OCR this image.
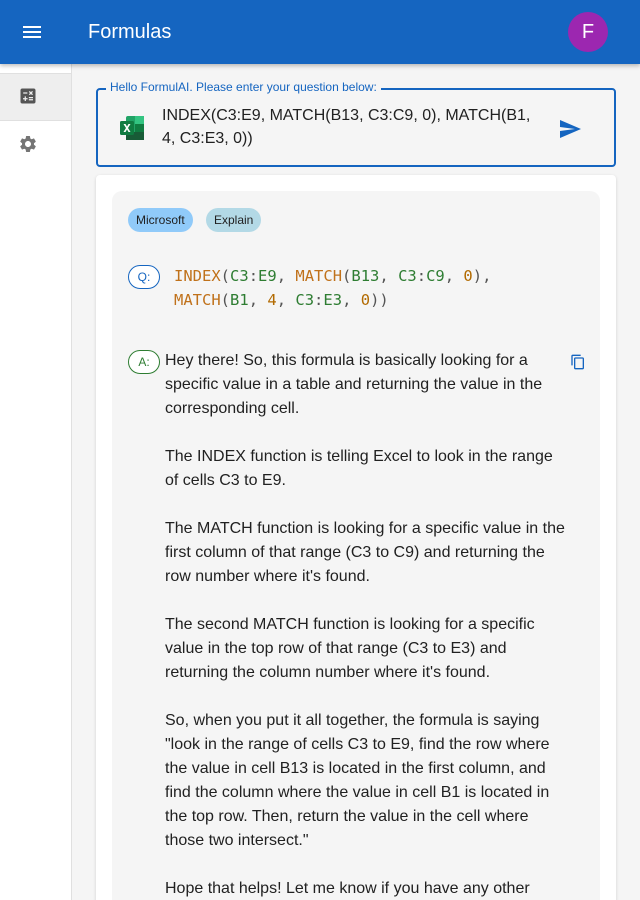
Formulas	F
Hello FormulAI. Please enter your question below:
INDEX(C3:E9, MATCH(B13, C3:C9, 0), MATCH(B1, 4, C3:E3, 0))
Microsoft	Explain
Q:	INDEX(C3:E9, MATCH(B13, C3:C9, 0),
MATCH(B1, 4, C3:E3, 0))
A: Hey there! So, this formula is basically looking for a specific value in a table and returning the value in the corresponding cell.

The INDEX function is telling Excel to look in the range of cells C3 to E9.

The MATCH function is looking for a specific value in the first column of that range (C3 to C9) and returning the row number where it's found.

The second MATCH function is looking for a specific value in the top row of that range (C3 to E3) and returning the column number where it's found.

So, when you put it all together, the formula is saying "look in the range of cells C3 to E9, find the row where the value in cell B13 is located in the first column, and find the column where the value in cell B1 is located in the top row. Then, return the value in the cell where those two intersect."

Hope that helps! Let me know if you have any other
